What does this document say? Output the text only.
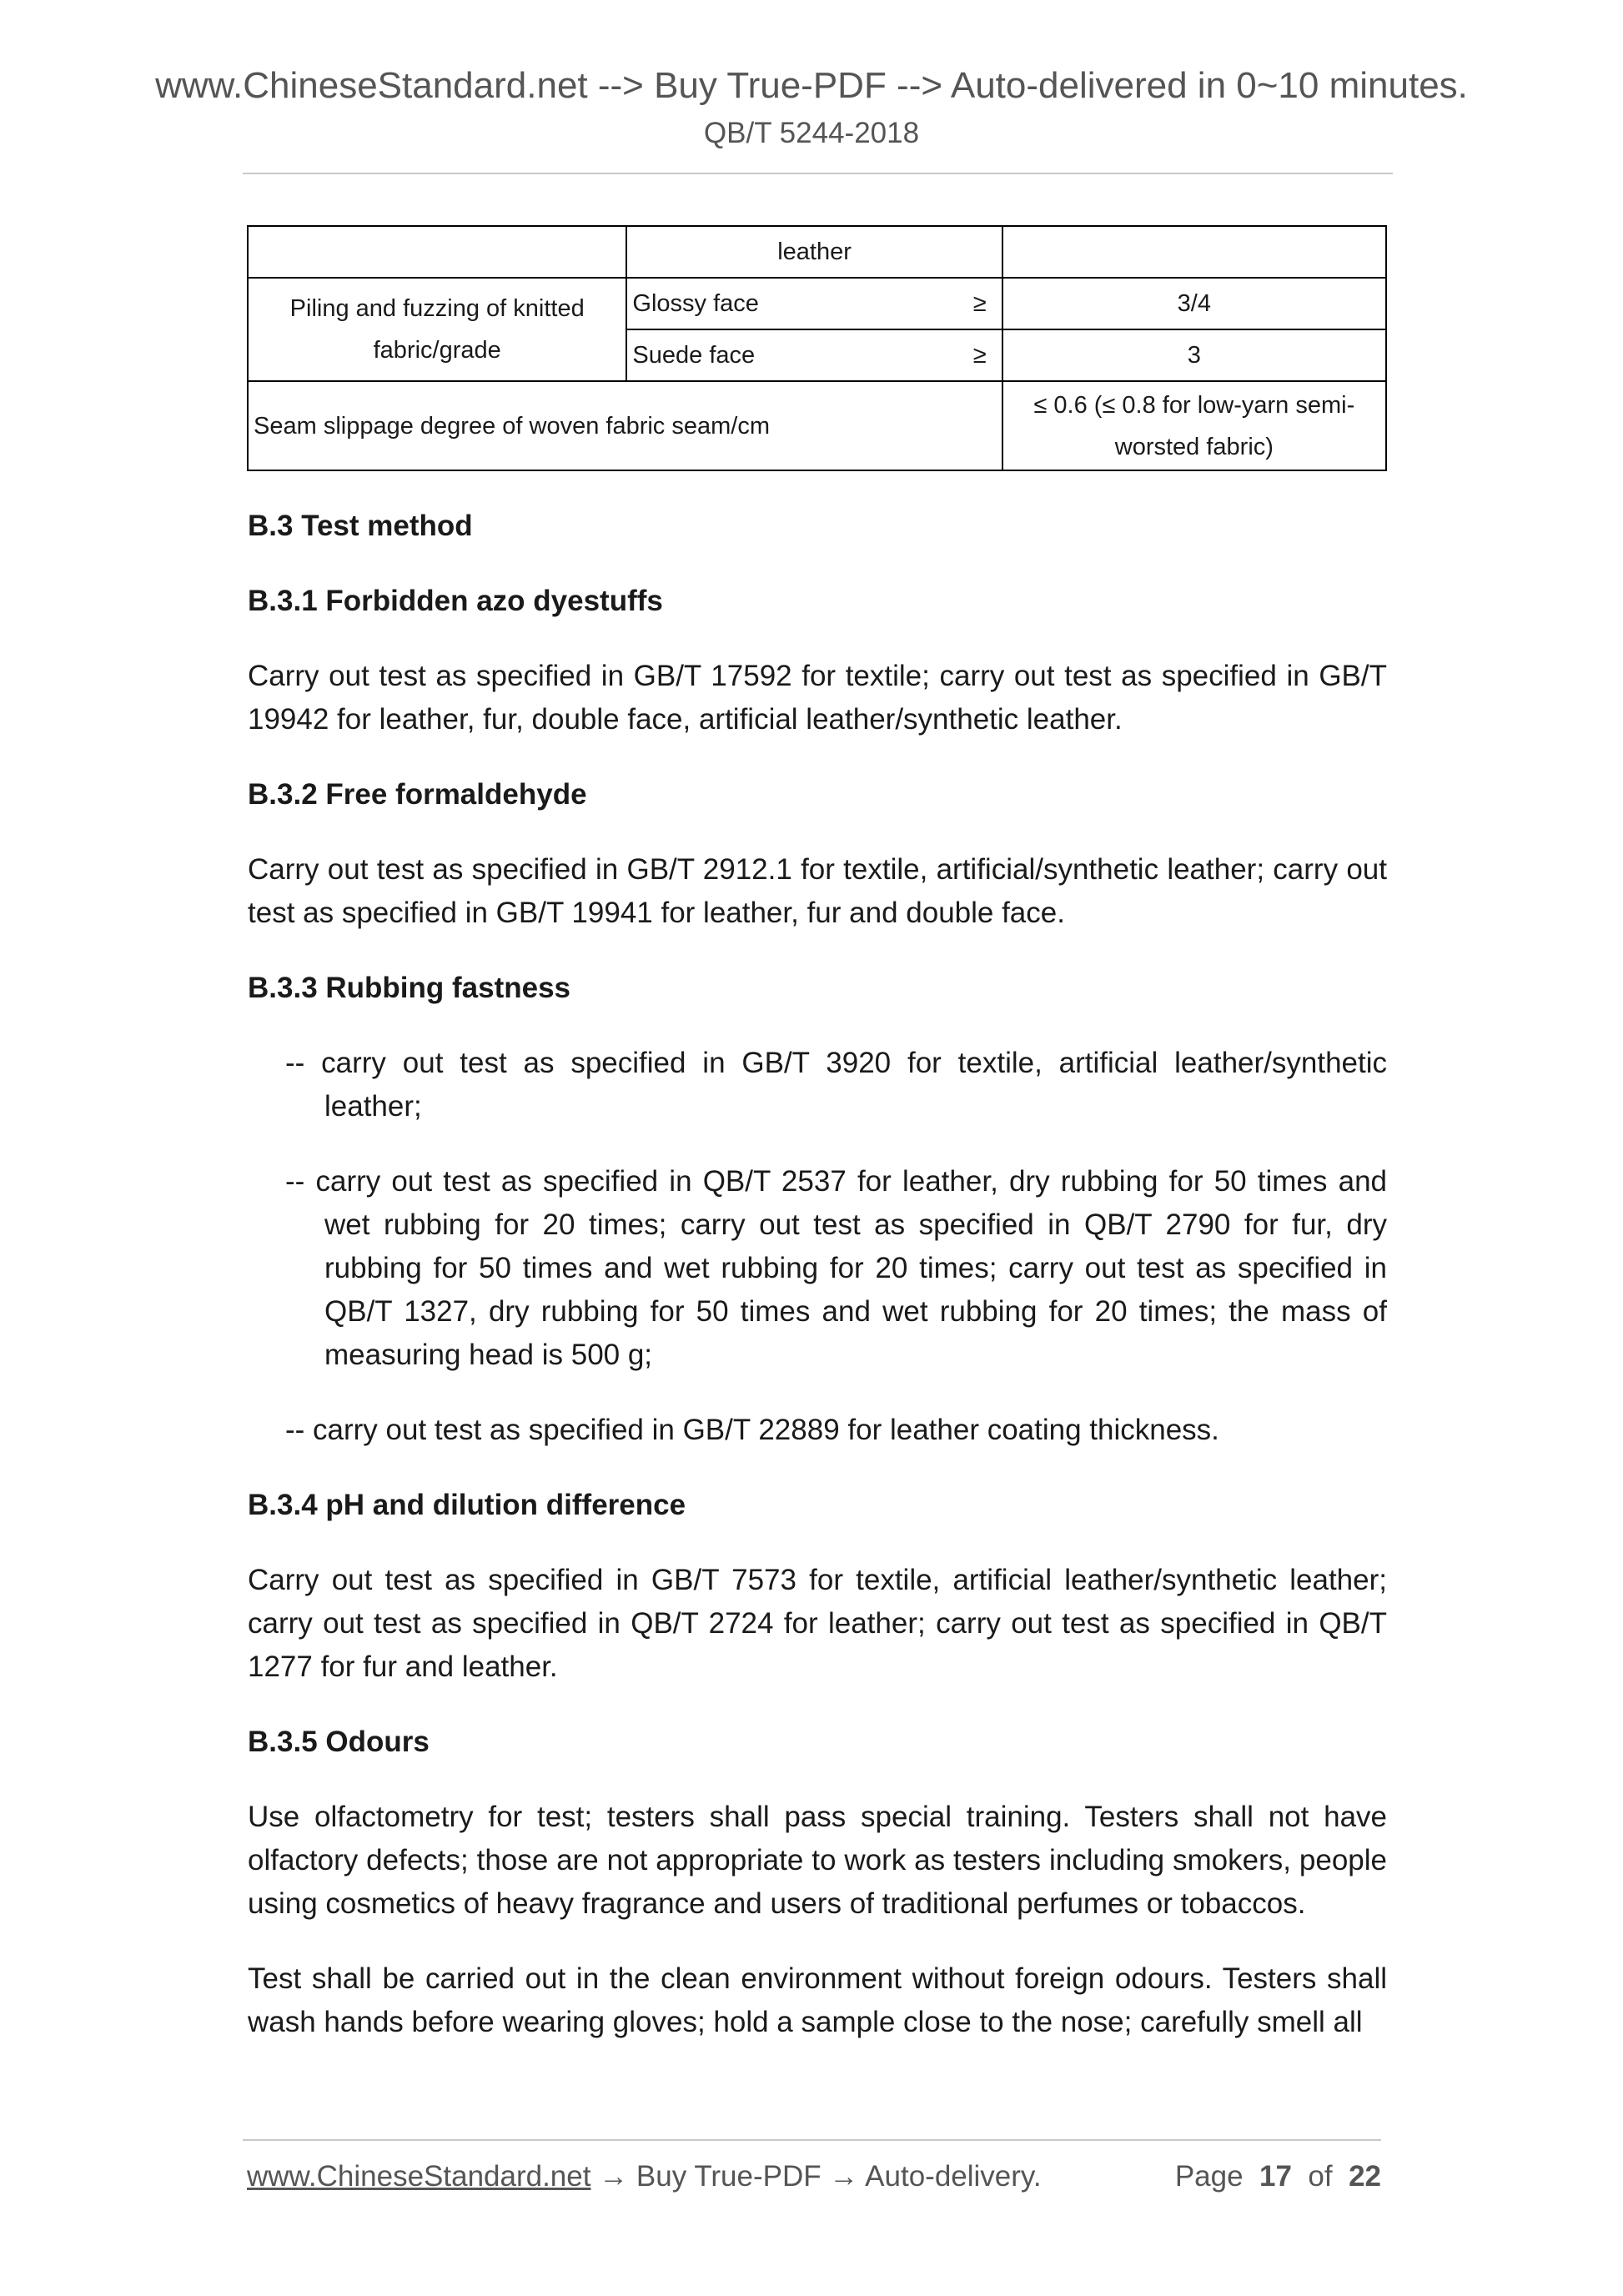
www.ChineseStandard.net --> Buy True-PDF --> Auto-delivered in 0~10 minutes.
QB/T 5244-2018
	leather	
Piling and fuzzing of knitted fabric/grade	Glossy face ≥	3/4
	Suede face ≥	3
Seam slippage degree of woven fabric seam/cm		≤ 0.6 (≤ 0.8 for low-yarn semi-worsted fabric)
B.3 Test method
B.3.1 Forbidden azo dyestuffs

Carry out test as specified in GB/T 17592 for textile; carry out test as specified in GB/T 19942 for leather, fur, double face, artificial leather/synthetic leather.

B.3.2 Free formaldehyde

Carry out test as specified in GB/T 2912.1 for textile, artificial/synthetic leather; carry out test as specified in GB/T 19941 for leather, fur and double face.

B.3.3 Rubbing fastness

-- carry out test as specified in GB/T 3920 for textile, artificial leather/synthetic leather;

-- carry out test as specified in QB/T 2537 for leather, dry rubbing for 50 times and wet rubbing for 20 times; carry out test as specified in QB/T 2790 for fur, dry rubbing for 50 times and wet rubbing for 20 times; carry out test as specified in QB/T 1327, dry rubbing for 50 times and wet rubbing for 20 times; the mass of measuring head is 500 g;

-- carry out test as specified in GB/T 22889 for leather coating thickness.

B.3.4 pH and dilution difference

Carry out test as specified in GB/T 7573 for textile, artificial leather/synthetic leather; carry out test as specified in QB/T 2724 for leather; carry out test as specified in QB/T 1277 for fur and leather.

B.3.5 Odours

Use olfactometry for test; testers shall pass special training. Testers shall not have olfactory defects; those are not appropriate to work as testers including smokers, people using cosmetics of heavy fragrance and users of traditional perfumes or tobaccos.

Test shall be carried out in the clean environment without foreign odours. Testers shall wash hands before wearing gloves; hold a sample close to the nose; carefully smell all

www.ChineseStandard.net → Buy True-PDF → Auto-delivery.	Page 17 of 22
